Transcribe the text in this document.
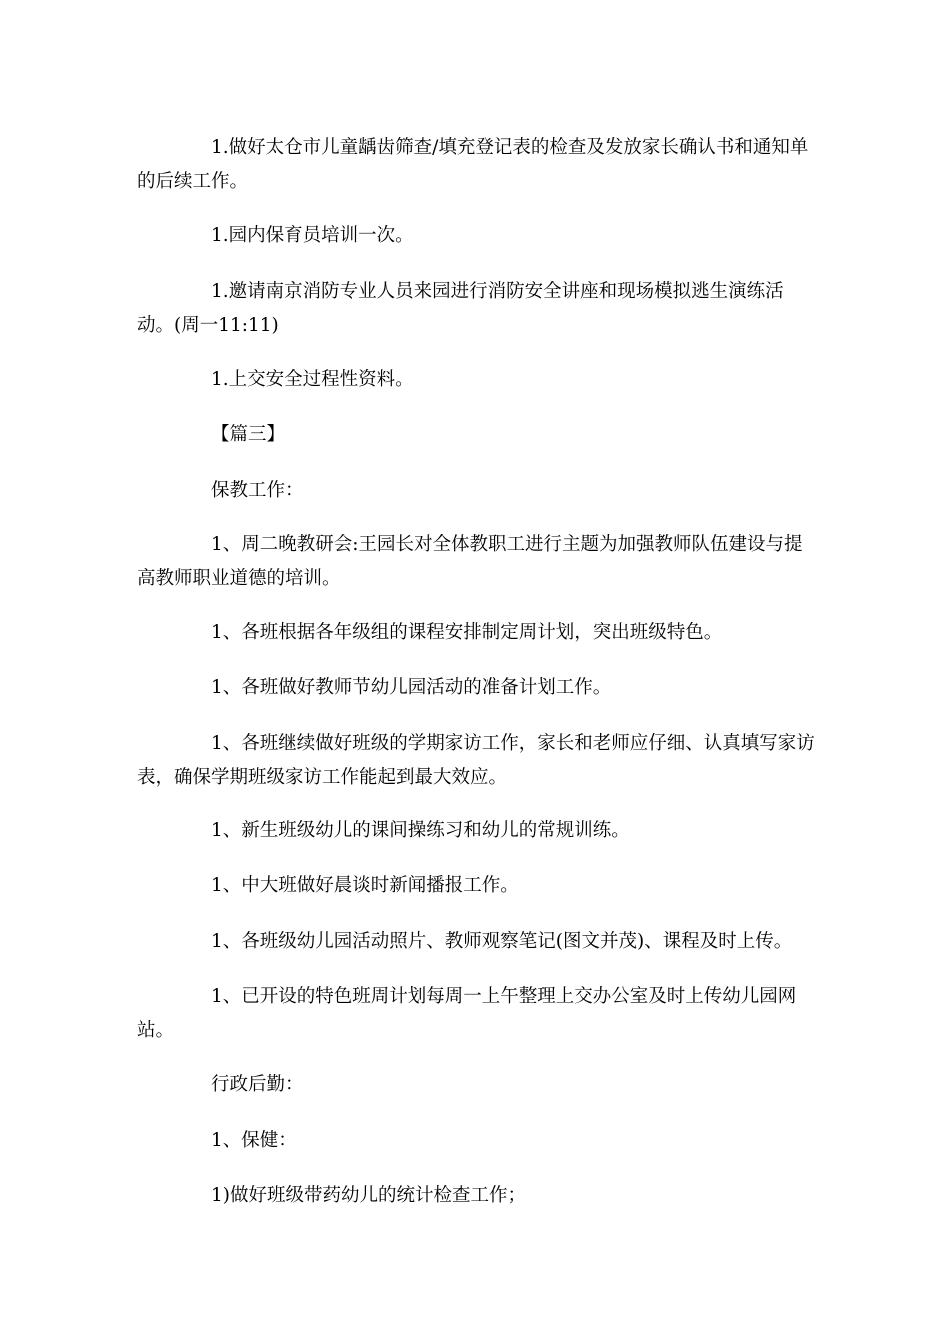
1.做好太仓市儿童龋齿筛查/填充登记表的检查及发放家长确认书和通知单的后续工作。

1.园内保育员培训一次。

1.邀请南京消防专业人员来园进行消防安全讲座和现场模拟逃生演练活动。(周一11:11)

1.上交安全过程性资料。

【篇三】

保教工作：

1、周二晚教研会:王园长对全体教职工进行主题为加强教师队伍建设与提高教师职业道德的培训。

1、各班根据各年级组的课程安排制定周计划，突出班级特色。

1、各班做好教师节幼儿园活动的准备计划工作。

1、各班继续做好班级的学期家访工作，家长和老师应仔细、认真填写家访表，确保学期班级家访工作能起到最大效应。

1、新生班级幼儿的课间操练习和幼儿的常规训练。

1、中大班做好晨谈时新闻播报工作。

1、各班级幼儿园活动照片、教师观察笔记(图文并茂)、课程及时上传。

1、已开设的特色班周计划每周一上午整理上交办公室及时上传幼儿园网站。

行政后勤：

1、保健：

1)做好班级带药幼儿的统计检查工作；
